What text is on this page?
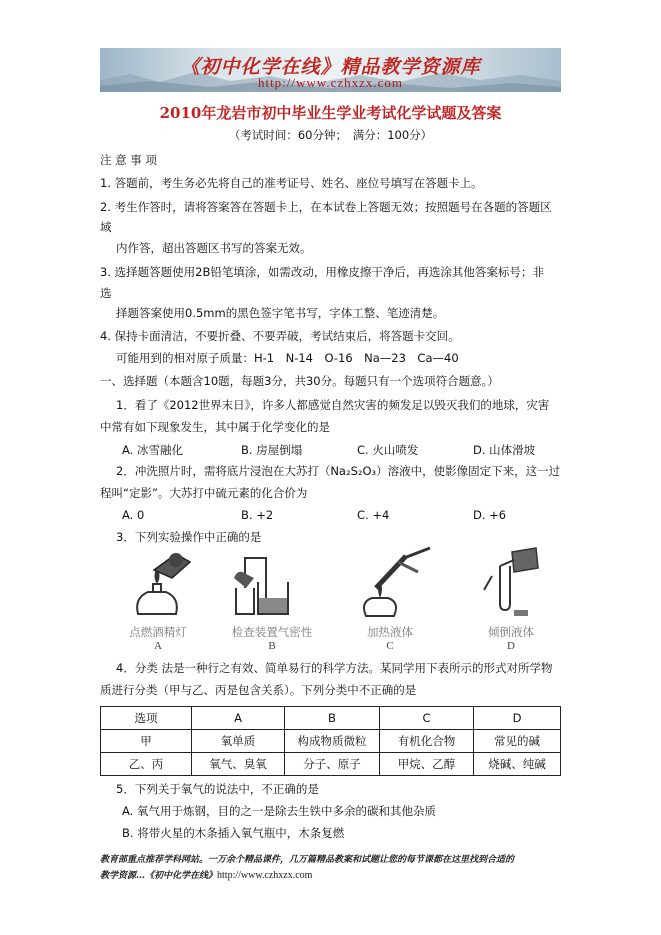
《初中化学在线》精品教学资源库
http://www.czhxzx.com
2010年龙岩市初中毕业生学业考试化学试题及答案
（考试时间：60分钟；　满分：100分）
注 意 事 项
1. 答题前，考生务必先将自己的准考证号、姓名、座位号填写在答题卡上。
2. 考生作答时，请将答案答在答题卡上，在本试卷上答题无效；按照题号在各题的答题区
域
内作答，超出答题区书写的答案无效。
3. 选择题答题使用2B铅笔填涂，如需改动，用橡皮擦干净后，再选涂其他答案标号；非
选
择题答案使用0.5mm的黑色签字笔书写，字体工整、笔迹清楚。
4. 保持卡面清洁，不要折叠、不要弄破，考试结束后，将答题卡交回。
可能用到的相对原子质量：H-1　N-14　O-16　Na—23　Ca—40
一、选择题（本题含10题，每题3分，共30分。每题只有一个选项符合题意。）
1．看了《2012世界末日》，许多人都感觉自然灾害的频发足以毁灭我们的地球，灾害
中常有如下现象发生，其中属于化学变化的是
A. 冰雪融化	B. 房屋倒塌	C. 火山喷发	D. 山体滑坡
2．冲洗照片时，需将底片浸泡在大苏打（Na₂S₂O₃）溶液中，使影像固定下来，这一过
程叫“定影”。大苏打中硫元素的化合价为
A. 0	B. +2	C. +4	D. +6
3．下列实验操作中正确的是
点燃酒精灯	检查装置气密性	加热液体	倾倒液体
A	B	C	D
4．分类 法是一种行之有效、简单易行的科学方法。某同学用下表所示的形式对所学物
质进行分类（甲与乙、丙是包含关系）。下列分类中不正确的是
选项	A	B	C	D
甲	氧单质	构成物质微粒	有机化合物	常见的碱
乙、丙	氧气、臭氧	分子、原子	甲烷、乙醇	烧碱、纯碱
5．下列关于氧气的说法中，不正确的是
A. 氧气用于炼钢，目的之一是除去生铁中多余的碳和其他杂质
B. 将带火星的木条插入氧气瓶中，木条复燃
教育部重点推荐学科网站。一万余个精品课件，几万篇精品教案和试题让您的每节课都在这里找到合适的
教学资源…《初中化学在线》http://www.czhxzx.com
